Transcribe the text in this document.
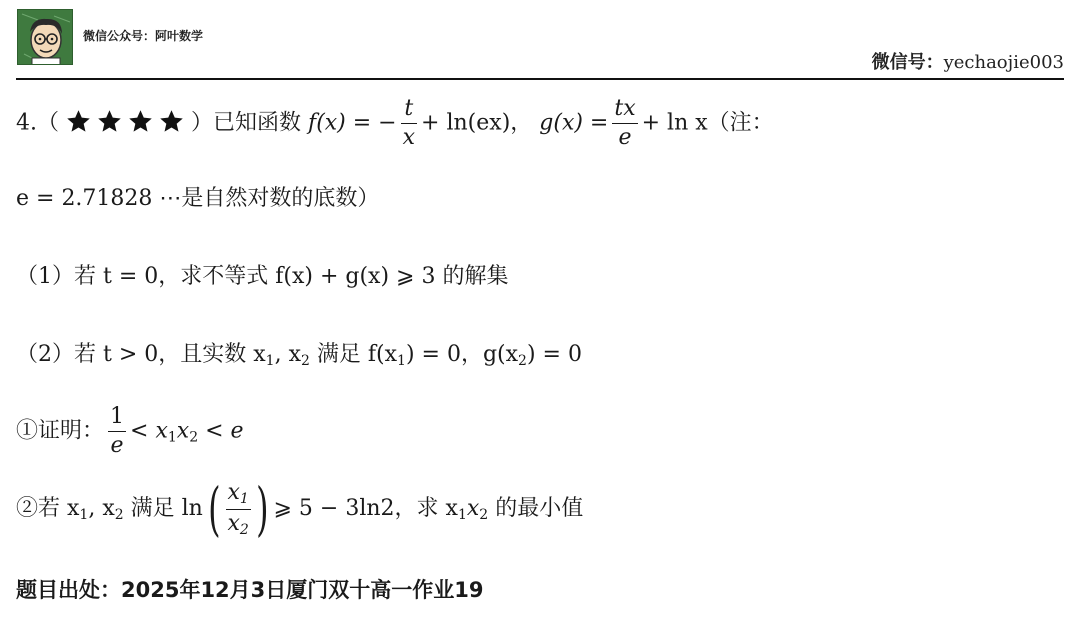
微信公众号：阿叶数学
微信号：yechaojie003
4.（	）已知函数 f(x) = − $\frac{t}{x} + \ln(ex)$， $g(x) = \frac{tx}{e} + \ln x$（注：
e = 2.71828 ⋯是自然对数的底数）
（1）若 t = 0，求不等式 f(x) + g(x) ⩾ 3 的解集
（2）若 t > 0，且实数 $x_1$, $x_2$ 满足 $f(x_1) = 0$，$g(x_2) = 0$
①证明： $\frac{1}{e} < x_1x_2 < e$
②若 $x_1$, $x_2$ 满足 $\ln( \frac{x_1}{x_2}$ ) ⩾ 5 − 3ln2，求 $x_1x_2$ 的最小值
题目出处：2025年12月3日厦门双十高一作业19
